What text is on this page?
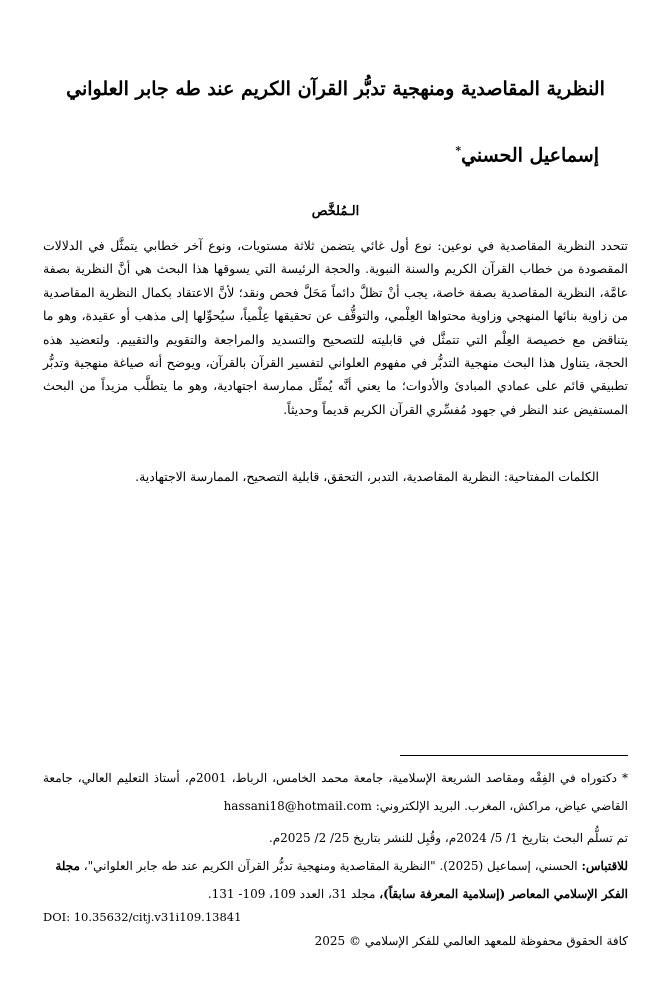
النظرية المقاصدية ومنهجية تدبُّر القرآن الكريم عند طه جابر العلواني
إسماعيل الحسني*
الـمُلخَّص
تتحدد النظرية المقاصدية في نوعين: نوع أول غائي يتضمن ثلاثة مستويات، ونوع آخر خطابي يتمثَّل في الدلالات المقصودة من خطاب القرآن الكريم والسنة النبوية. والحجة الرئيسة التي يسوقها هذا البحث هي أنَّ النظرية بصفة عامَّة، النظرية المقاصدية بصفة خاصة، يجب أنْ تظلَّ دائماً مَحَلَّ فحص ونقد؛ لأنَّ الاعتقاد بكمال النظرية المقاصدية من زاوية بنائها المنهجي وزاوية محتواها العِلْمي، والتوقُّف عن تحقيقها عِلْمياً، سيُحوِّلها إلى مذهب أو عقيدة، وهو ما يتناقض مع خصيصة العِلْم التي تتمثَّل في قابليته للتصحيح والتسديد والمراجعة والتقويم والتقييم. ولتعضيد هذه الحجة، يتناول هذا البحث منهجية التدبُّر في مفهوم العلواني لتفسير القرآن بالقرآن، ويوضح أنه صياغة منهجية وتدبُّر تطبيقي قائم على عمادي المبادئ والأدوات؛ ما يعني أنَّه يُمثِّل ممارسة اجتهادية، وهو ما يتطلَّب مزيداً من البحث المستفيض عند النظر في جهود مُفسِّري القرآن الكريم قديماً وحديثاً.
الكلمات المفتاحية: النظرية المقاصدية، التدبر، التحقق، قابلية التصحيح، الممارسة الاجتهادية.
* دكتوراه في الفِقْه ومقاصد الشريعة الإسلامية، جامعة محمد الخامس، الرباط، 2001م، أستاذ التعليم العالي، جامعة القاضي عياض، مراكش، المغرب. البريد الإلكتروني: hassani18@hotmail.com
تم تسلُّم البحث بتاريخ 1/ 5/ 2024م، وقُبِل للنشر بتاريخ 25/ 2/ 2025م.
للاقتباس: الحسني، إسماعيل (2025). "النظرية المقاصدية ومنهجية تدبُّر القرآن الكريم عند طه جابر العلواني"، مجلة الفكر الإسلامي المعاصر (إسلامية المعرفة سابقاً)، مجلد 31، العدد 109، 109- 131.
DOI: 10.35632/citj.v31i109.13841
كافة الحقوق محفوظة للمعهد العالمي للفكر الإسلامي © 2025
